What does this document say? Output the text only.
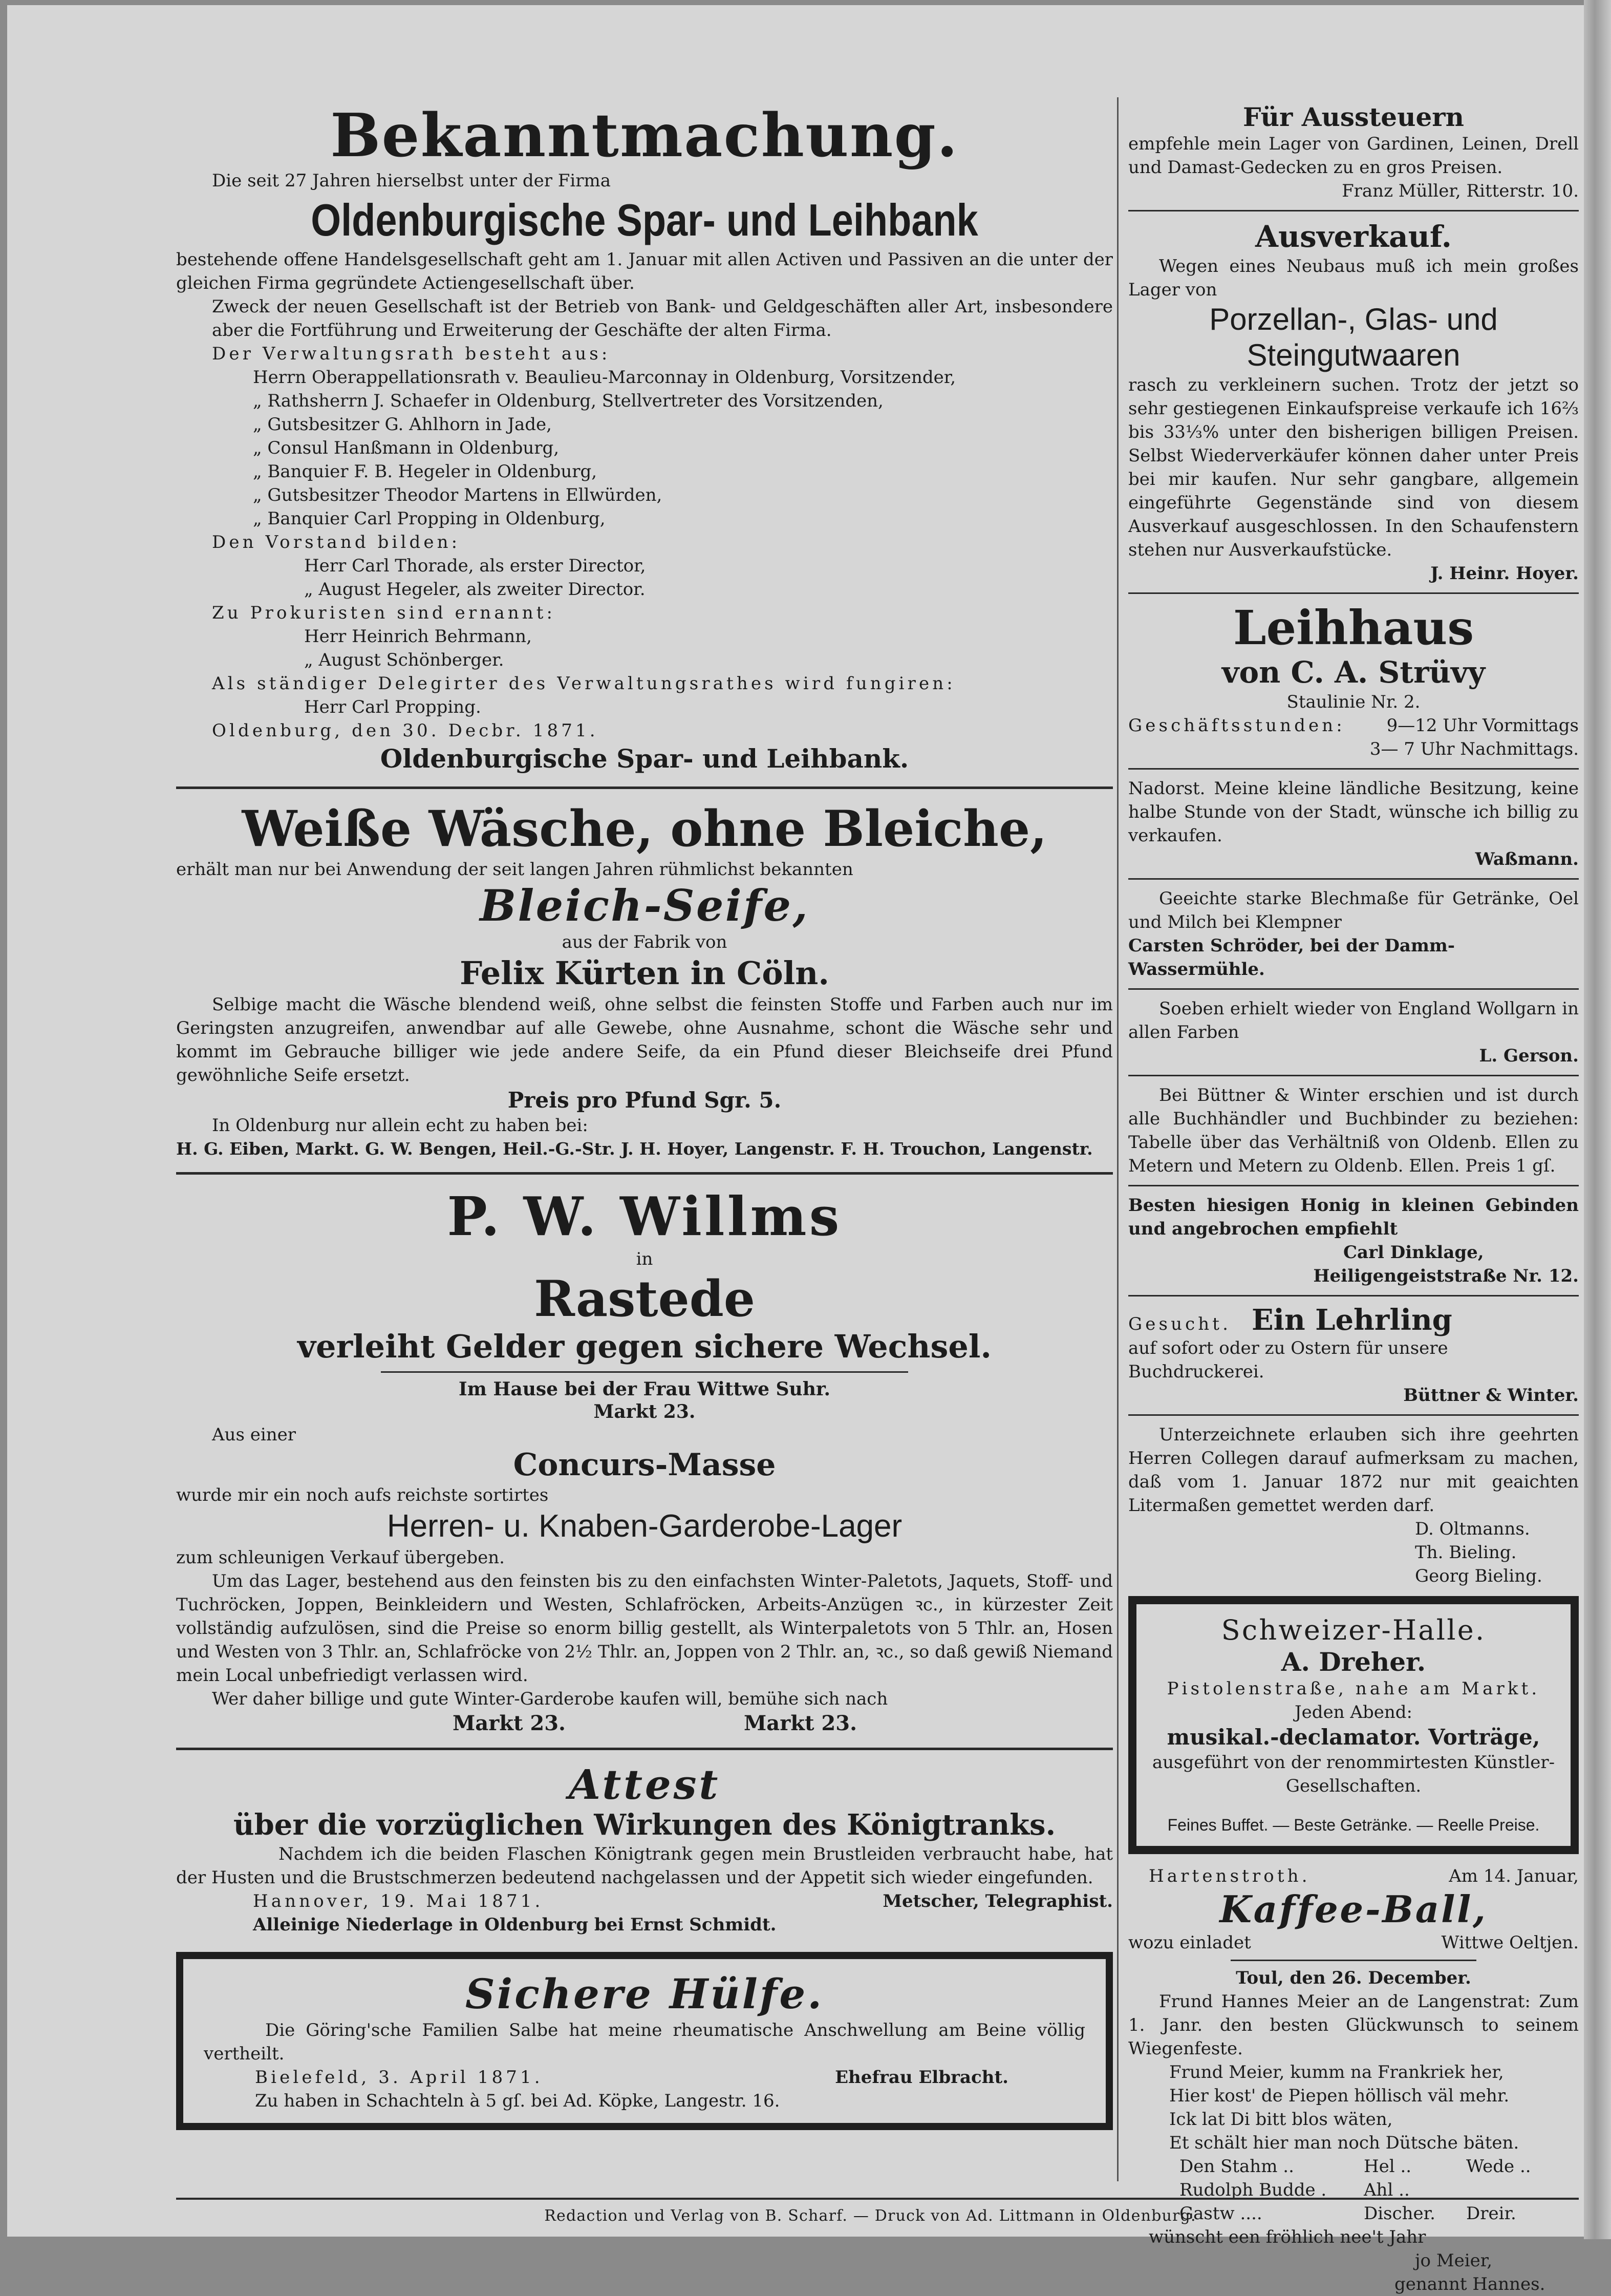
Bekanntmachung.

Die seit 27 Jahren hierselbst unter der Firma

Oldenburgische Spar- und Leihbank

bestehende offene Handelsgesellschaft geht am 1. Januar mit allen Activen und Passiven an die unter der gleichen Firma gegründete Actiengesellschaft über.

Zweck der neuen Gesellschaft ist der Betrieb von Bank- und Geldgeschäften aller Art, insbesondere aber die Fortführung und Erweiterung der Geschäfte der alten Firma.

Der Verwaltungsrath besteht aus:

Herrn Oberappellationsrath v. Beaulieu-Marconnay in Oldenburg, Vorsitzender,

„ Rathsherrn J. Schaefer in Oldenburg, Stellvertreter des Vorsitzenden,

„ Gutsbesitzer G. Ahlhorn in Jade,

„ Consul Hanßmann in Oldenburg,

„ Banquier F. B. Hegeler in Oldenburg,

„ Gutsbesitzer Theodor Martens in Ellwürden,

„ Banquier Carl Propping in Oldenburg,

Den Vorstand bilden:

Herr Carl Thorade, als erster Director,

„ August Hegeler, als zweiter Director.

Zu Prokuristen sind ernannt:

Herr Heinrich Behrmann,

„ August Schönberger.

Als ständiger Delegirter des Verwaltungsrathes wird fungiren:

Herr Carl Propping.

Oldenburg, den 30. Decbr. 1871.

Oldenburgische Spar- und Leihbank.
Weiße Wäsche, ohne Bleiche,

erhält man nur bei Anwendung der seit langen Jahren rühmlichst bekannten

Bleich-Seife,

aus der Fabrik von

Felix Kürten in Cöln.

Selbige macht die Wäsche blendend weiß, ohne selbst die feinsten Stoffe und Farben auch nur im Geringsten anzugreifen, anwendbar auf alle Gewebe, ohne Ausnahme, schont die Wäsche sehr und kommt im Gebrauche billiger wie jede andere Seife, da ein Pfund dieser Bleichseife drei Pfund gewöhnliche Seife ersetzt.

Preis pro Pfund Sgr. 5.

In Oldenburg nur allein echt zu haben bei:

H. G. Eiben, Markt. G. W. Bengen, Heil.-G.-Str. J. H. Hoyer, Langenstr. F. H. Trouchon, Langenstr.

P. W. Willms

in

Rastede
verleiht Gelder gegen sichere Wechsel.
Im Hause bei der Frau Wittwe Suhr.
Markt 23.

Aus einer

Concurs-Masse

wurde mir ein noch aufs reichste sortirtes

Herren- u. Knaben-Garderobe-Lager

zum schleunigen Verkauf übergeben.

Um das Lager, bestehend aus den feinsten bis zu den einfachsten Winter-Paletots, Jaquets, Stoff- und Tuchröcken, Joppen, Beinkleidern und Westen, Schlafröcken, Arbeits-Anzügen ꝛc., in kürzester Zeit vollständig aufzulösen, sind die Preise so enorm billig gestellt, als Winterpaletots von 5 Thlr. an, Hosen und Westen von 3 Thlr. an, Schlafröcke von 2½ Thlr. an, Joppen von 2 Thlr. an, ꝛc., so daß gewiß Niemand mein Local unbefriedigt verlassen wird.

Wer daher billige und gute Winter-Garderobe kaufen will, bemühe sich nach

Markt 23.	Markt 23.
Attest
über die vorzüglichen Wirkungen des Königtranks.

Nachdem ich die beiden Flaschen Königtrank gegen mein Brustleiden verbraucht habe, hat der Husten und die Brustschmerzen bedeutend nachgelassen und der Appetit sich wieder eingefunden.

Hannover, 19. Mai 1871.	Metscher, Telegraphist.

Alleinige Niederlage in Oldenburg bei Ernst Schmidt.

Sichere Hülfe.

Die Göring'sche Familien Salbe hat meine rheumatische Anschwellung am Beine völlig vertheilt.

Bielefeld, 3. April 1871.	Ehefrau Elbracht.

Zu haben in Schachteln à 5 gſ. bei Ad. Köpke, Langestr. 16.

Für Aussteuern

empfehle mein Lager von Gardinen, Leinen, Drell und Damast-Gedecken zu en gros Preisen.

Franz Müller, Ritterstr. 10.

Ausverkauf.

Wegen eines Neubaus muß ich mein großes Lager von

Porzellan-, Glas- und Steingutwaaren

rasch zu verkleinern suchen. Trotz der jetzt so sehr gestiegenen Einkaufspreise verkaufe ich 16⅔ bis 33⅓% unter den bisherigen billigen Preisen. Selbst Wiederverkäufer können daher unter Preis bei mir kaufen. Nur sehr gangbare, allgemein eingeführte Gegenstände sind von diesem Ausverkauf ausgeschlossen. In den Schaufenstern stehen nur Ausverkaufstücke.

J. Heinr. Hoyer.

Leihhaus
von C. A. Strüvy

Staulinie Nr. 2.

Geschäftsstunden: 9—12 Uhr Vormittags

3— 7 Uhr Nachmittags.

Nadorst. Meine kleine ländliche Besitzung, keine halbe Stunde von der Stadt, wünsche ich billig zu verkaufen.

Waßmann.

Geeichte starke Blechmaße für Getränke, Oel und Milch bei Klempner

Carsten Schröder, bei der Damm-Wassermühle.

Soeben erhielt wieder von England Wollgarn in allen Farben

L. Gerson.

Bei Büttner & Winter erschien und ist durch alle Buchhändler und Buchbinder zu beziehen: Tabelle über das Verhältniß von Oldenb. Ellen zu Metern und Metern zu Oldenb. Ellen. Preis 1 gſ.

Besten hiesigen Honig in kleinen Gebinden und angebrochen empfiehlt

Carl Dinklage,

Heiligengeiststraße Nr. 12.

Gesucht. Ein Lehrling

auf sofort oder zu Ostern für unsere Buchdruckerei.

Büttner & Winter.

Unterzeichnete erlauben sich ihre geehrten Herren Collegen darauf aufmerksam zu machen, daß vom 1. Januar 1872 nur mit geaichten Litermaßen gemettet werden darf.

D. Oltmanns.

Th. Bieling.

Georg Bieling.

Schweizer-Halle.
A. Dreher.

Pistolenstraße, nahe am Markt.

Jeden Abend:

musikal.-declamator. Vorträge,

ausgeführt von der renommirtesten Künstler-Gesellschaften.

Feines Buffet. — Beste Getränke. — Reelle Preise.

Hartenstroth.	Am 14. Januar,
Kaffee-Ball,
wozu einladet	Wittwe Oeltjen.

Toul, den 26. December.

Frund Hannes Meier an de Langenstrat: Zum 1. Janr. den besten Glückwunsch to seinem Wiegenfeste.

Frund Meier, kumm na Frankriek her,

Hier kost' de Piepen höllisch väl mehr.

Ick lat Di bitt blos wäten,

Et schält hier man noch Dütsche bäten.

Den Stahm ..	Hel ..	Wede ..
Rudolph Budde .	Ahl ..
Gastw ....	Discher.	Dreir.

wünscht een fröhlich nee't Jahr

jo Meier,

genannt Hannes.

Redaction und Verlag von B. Scharf. — Druck von Ad. Littmann in Oldenburg.
